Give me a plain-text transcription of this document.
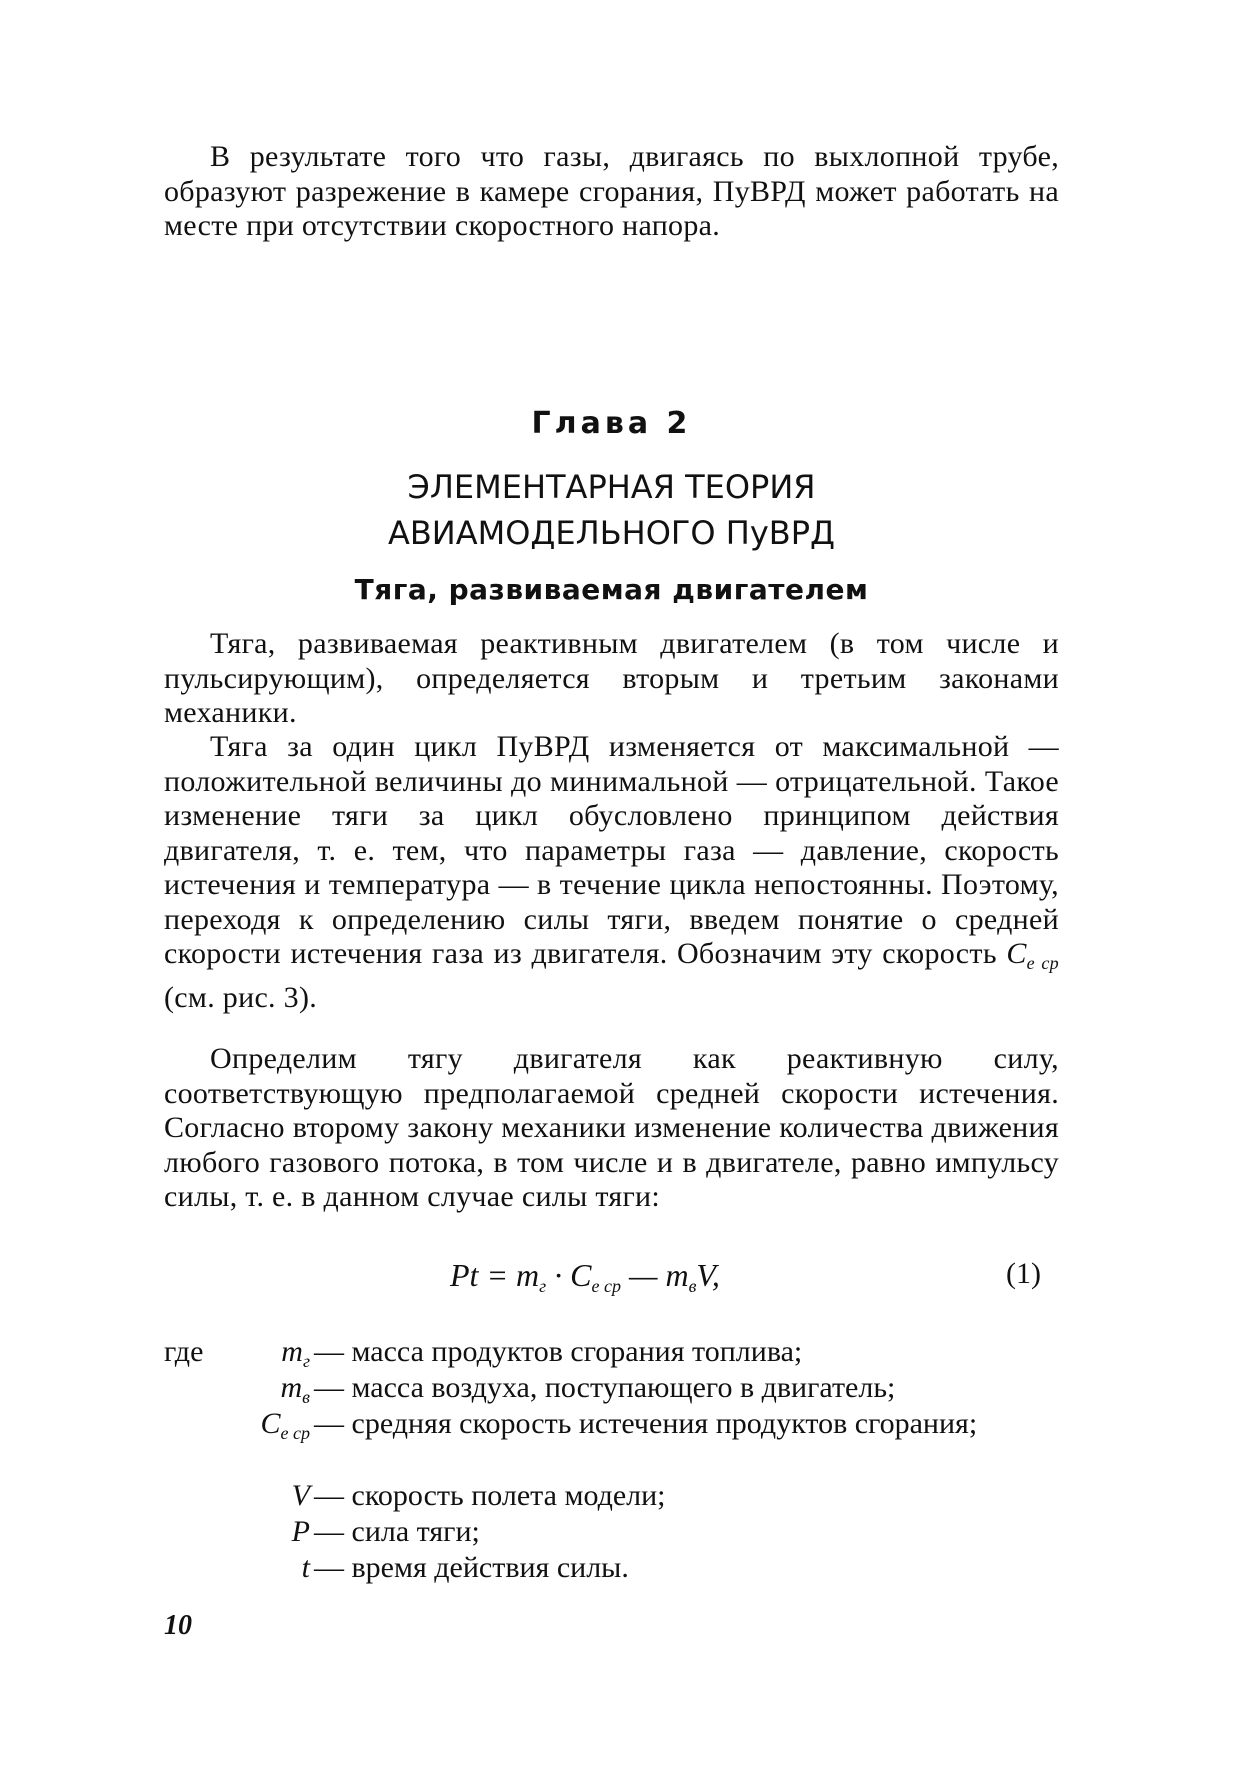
В результате того что газы, двигаясь по выхлопной трубе, образуют разрежение в камере сгорания, ПуВРД может работать на месте при отсутствии скоростного напора.
Глава 2
ЭЛЕМЕНТАРНАЯ ТЕОРИЯ
АВИАМОДЕЛЬНОГО ПуВРД
Тяга, развиваемая двигателем
Тяга, развиваемая реактивным двигателем (в том числе и пульсирующим), определяется вторым и третьим законами механики.
Тяга за один цикл ПуВРД изменяется от максимальной — положительной величины до минимальной — отрицательной. Такое изменение тяги за цикл обусловлено принципом действия двигателя, т. е. тем, что параметры газа — давление, скорость истечения и температура — в течение цикла непостоянны. Поэтому, переходя к определению силы тяги, введем понятие о средней скорости истечения газа из двигателя. Обозначим эту скорость $C_{e ср}$ (см. рис. 3).
Определим тягу двигателя как реактивную силу, соответствующую предполагаемой средней скорости истечения. Согласно второму закону механики изменение количества движения любого газового потока, в том числе и в двигателе, равно импульсу силы, т. е. в данном случае силы тяги:
$Pt = m_г \cdot C_{e ср}$ — $m_вV$,	(1)
где	$m_г$ — масса продуктов сгорания топлива;
$m_в$ — масса воздуха, поступающего в двигатель;
$C_{e ср}$ — средняя скорость истечения продуктов сгорания;
V — скорость полета модели;
P — сила тяги;
t — время действия силы.
10
